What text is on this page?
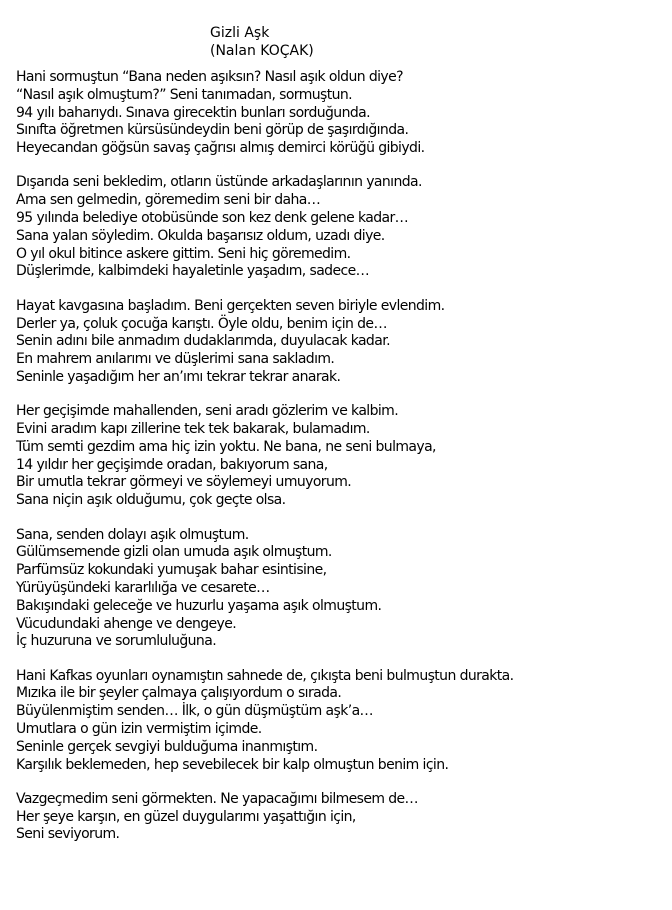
Gizli Aşk
(Nalan KOÇAK)
Hani sormuştun “Bana neden aşıksın? Nasıl aşık oldun diye?
“Nasıl aşık olmuştum?” Seni tanımadan, sormuştun.
94 yılı baharıydı. Sınava girecektin bunları sorduğunda.
Sınıfta öğretmen kürsüsündeydin beni görüp de şaşırdığında.
Heyecandan göğsün savaş çağrısı almış demirci körüğü gibiydi.
Dışarıda seni bekledim, otların üstünde arkadaşlarının yanında.
Ama sen gelmedin, göremedim seni bir daha…
95 yılında belediye otobüsünde son kez denk gelene kadar…
Sana yalan söyledim. Okulda başarısız oldum, uzadı diye.
O yıl okul bitince askere gittim. Seni hiç göremedim.
Düşlerimde, kalbimdeki hayaletinle yaşadım, sadece…
Hayat kavgasına başladım. Beni gerçekten seven biriyle evlendim.
Derler ya, çoluk çocuğa karıştı. Öyle oldu, benim için de…
Senin adını bile anmadım dudaklarımda, duyulacak kadar.
En mahrem anılarımı ve düşlerimi sana sakladım.
Seninle yaşadığım her an’ımı tekrar tekrar anarak.
Her geçişimde mahallenden, seni aradı gözlerim ve kalbim.
Evini aradım kapı zillerine tek tek bakarak, bulamadım.
Tüm semti gezdim ama hiç izin yoktu. Ne bana, ne seni bulmaya,
14 yıldır her geçişimde oradan, bakıyorum sana,
Bir umutla tekrar görmeyi ve söylemeyi umuyorum.
Sana niçin aşık olduğumu, çok geçte olsa.
Sana, senden dolayı aşık olmuştum.
Gülümsemende gizli olan umuda aşık olmuştum.
Parfümsüz kokundaki yumuşak bahar esintisine,
Yürüyüşündeki kararlılığa ve cesarete…
Bakışındaki geleceğe ve huzurlu yaşama aşık olmuştum.
Vücudundaki ahenge ve dengeye.
İç huzuruna ve sorumluluğuna.
Hani Kafkas oyunları oynamıştın sahnede de, çıkışta beni bulmuştun durakta.
Mızıka ile bir şeyler çalmaya çalışıyordum o sırada.
Büyülenmiştim senden… İlk, o gün düşmüştüm aşk’a…
Umutlara o gün izin vermiştim içimde.
Seninle gerçek sevgiyi bulduğuma inanmıştım.
Karşılık beklemeden, hep sevebilecek bir kalp olmuştun benim için.
Vazgeçmedim seni görmekten. Ne yapacağımı bilmesem de…
Her şeye karşın, en güzel duygularımı yaşattığın için,
Seni seviyorum.
